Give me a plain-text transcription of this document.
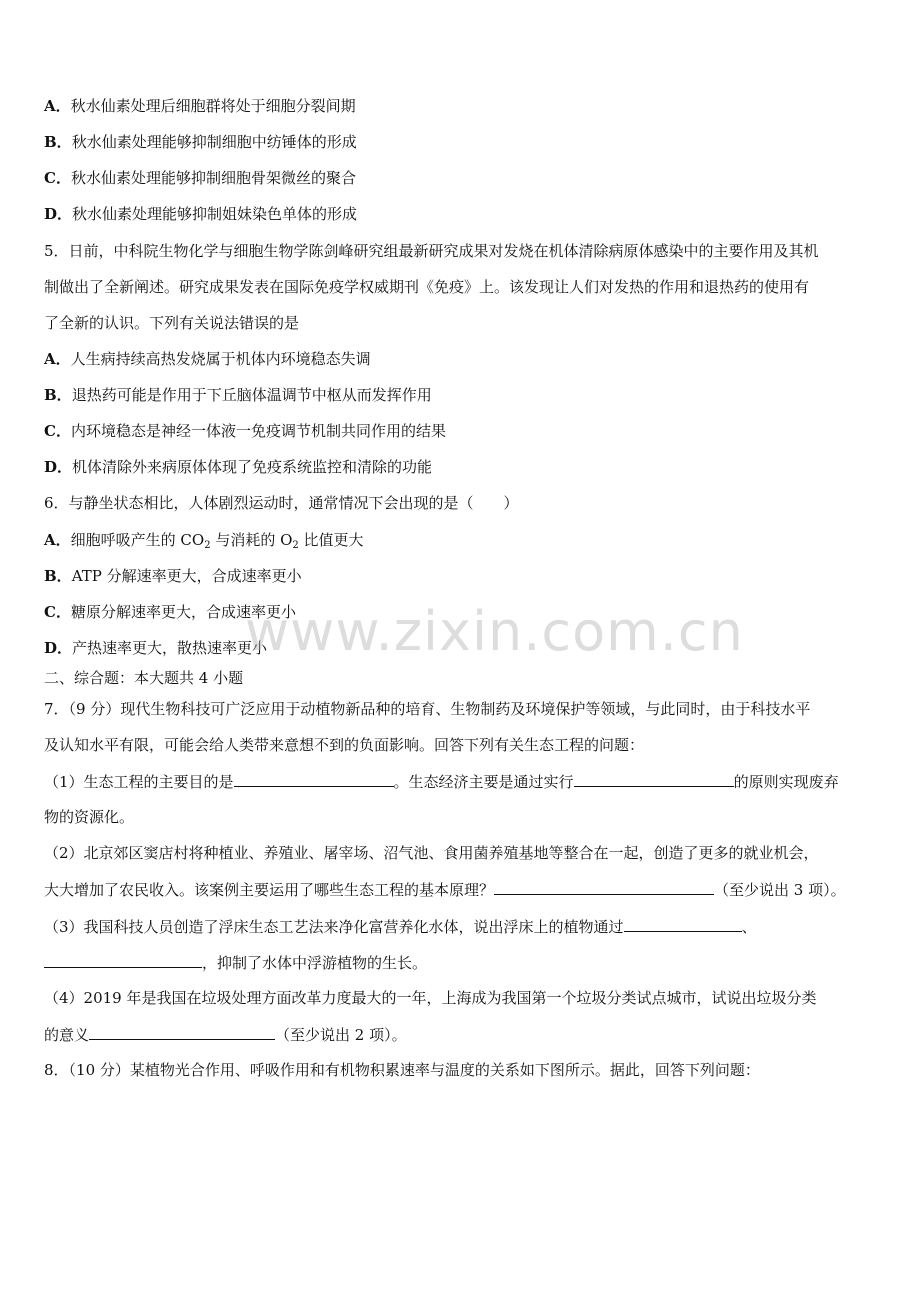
A．秋水仙素处理后细胞群将处于细胞分裂间期
B．秋水仙素处理能够抑制细胞中纺锤体的形成
C．秋水仙素处理能够抑制细胞骨架微丝的聚合
D．秋水仙素处理能够抑制姐妹染色单体的形成
5．日前，中科院生物化学与细胞生物学陈剑峰研究组最新研究成果对发烧在机体清除病原体感染中的主要作用及其机
制做出了全新阐述。研究成果发表在国际免疫学权威期刊《免疫》上。该发现让人们对发热的作用和退热药的使用有
了全新的认识。下列有关说法错误的是
A．人生病持续高热发烧属于机体内环境稳态失调
B．退热药可能是作用于下丘脑体温调节中枢从而发挥作用
C．内环境稳态是神经一体液一免疫调节机制共同作用的结果
D．机体清除外来病原体体现了免疫系统监控和清除的功能
6．与静坐状态相比，人体剧烈运动时，通常情况下会出现的是（　　）
A．细胞呼吸产生的 $CO_2$ 与消耗的 $O_2$ 比值更大
B．ATP 分解速率更大，合成速率更小
C．糖原分解速率更大，合成速率更小
D．产热速率更大，散热速率更小
二、综合题：本大题共 4 小题
7．（9 分）现代生物科技可广泛应用于动植物新品种的培育、生物制药及环境保护等领域，与此同时，由于科技水平
及认知水平有限，可能会给人类带来意想不到的负面影响。回答下列有关生态工程的问题：
（1）生态工程的主要目的是	。生态经济主要是通过实行	的原则实现废弃
物的资源化。
（2）北京郊区窦店村将种植业、养殖业、屠宰场、沼气池、食用菌养殖基地等整合在一起，创造了更多的就业机会，
大大增加了农民收入。该案例主要运用了哪些生态工程的基本原理？	（至少说出 3 项）。
（3）我国科技人员创造了浮床生态工艺法来净化富营养化水体，说出浮床上的植物通过	、
，抑制了水体中浮游植物的生长。
（4）2019 年是我国在垃圾处理方面改革力度最大的一年，上海成为我国第一个垃圾分类试点城市，试说出垃圾分类
的意义	（至少说出 2 项）。
8．（10 分）某植物光合作用、呼吸作用和有机物积累速率与温度的关系如下图所示。据此，回答下列问题：
www.zixin.com.cn
